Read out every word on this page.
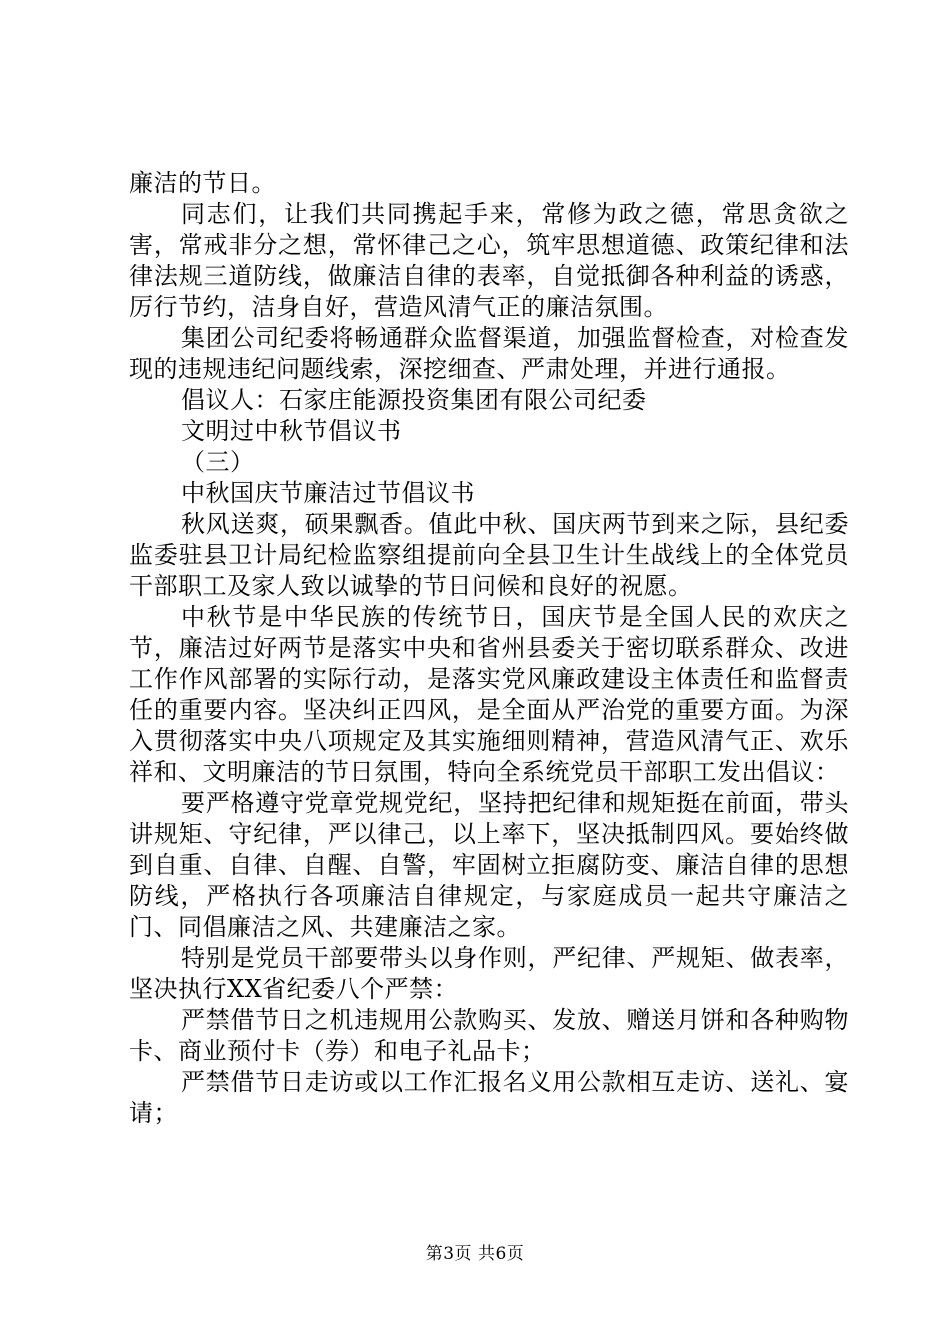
廉洁的节日。

同志们，让我们共同携起手来，常修为政之德，常思贪欲之害，常戒非分之想，常怀律己之心，筑牢思想道德、政策纪律和法律法规三道防线，做廉洁自律的表率，自觉抵御各种利益的诱惑，厉行节约，洁身自好，营造风清气正的廉洁氛围。

集团公司纪委将畅通群众监督渠道，加强监督检查，对检查发现的违规违纪问题线索，深挖细查、严肃处理，并进行通报。

倡议人：石家庄能源投资集团有限公司纪委

文明过中秋节倡议书

（三）

中秋国庆节廉洁过节倡议书

秋风送爽，硕果飘香。值此中秋、国庆两节到来之际，县纪委监委驻县卫计局纪检监察组提前向全县卫生计生战线上的全体党员干部职工及家人致以诚挚的节日问候和良好的祝愿。

中秋节是中华民族的传统节日，国庆节是全国人民的欢庆之节，廉洁过好两节是落实中央和省州县委关于密切联系群众、改进工作作风部署的实际行动，是落实党风廉政建设主体责任和监督责任的重要内容。坚决纠正四风，是全面从严治党的重要方面。为深入贯彻落实中央八项规定及其实施细则精神，营造风清气正、欢乐祥和、文明廉洁的节日氛围，特向全系统党员干部职工发出倡议：

要严格遵守党章党规党纪，坚持把纪律和规矩挺在前面，带头讲规矩、守纪律，严以律己，以上率下，坚决抵制四风。要始终做到自重、自律、自醒、自警，牢固树立拒腐防变、廉洁自律的思想防线，严格执行各项廉洁自律规定，与家庭成员一起共守廉洁之门、同倡廉洁之风、共建廉洁之家。

特别是党员干部要带头以身作则，严纪律、严规矩、做表率，坚决执行XX省纪委八个严禁：

严禁借节日之机违规用公款购买、发放、赠送月饼和各种购物卡、商业预付卡（券）和电子礼品卡；

严禁借节日走访或以工作汇报名义用公款相互走访、送礼、宴请；

第3页 共6页
